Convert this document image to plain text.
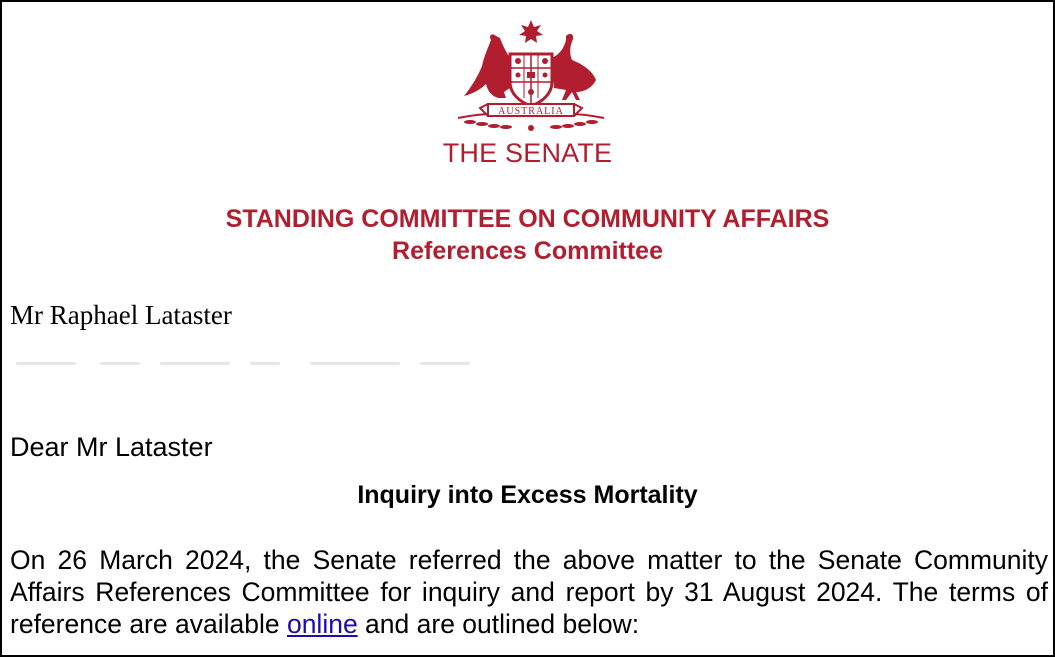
AUSTRALIA
THE SENATE
STANDING COMMITTEE ON COMMUNITY AFFAIRS
References Committee
Mr Raphael Lataster
Dear Mr Lataster
Inquiry into Excess Mortality
On 26 March 2024, the Senate referred the above matter to the Senate Community Affairs References Committee for inquiry and report by 31 August 2024. The terms of reference are available online and are outlined below:
